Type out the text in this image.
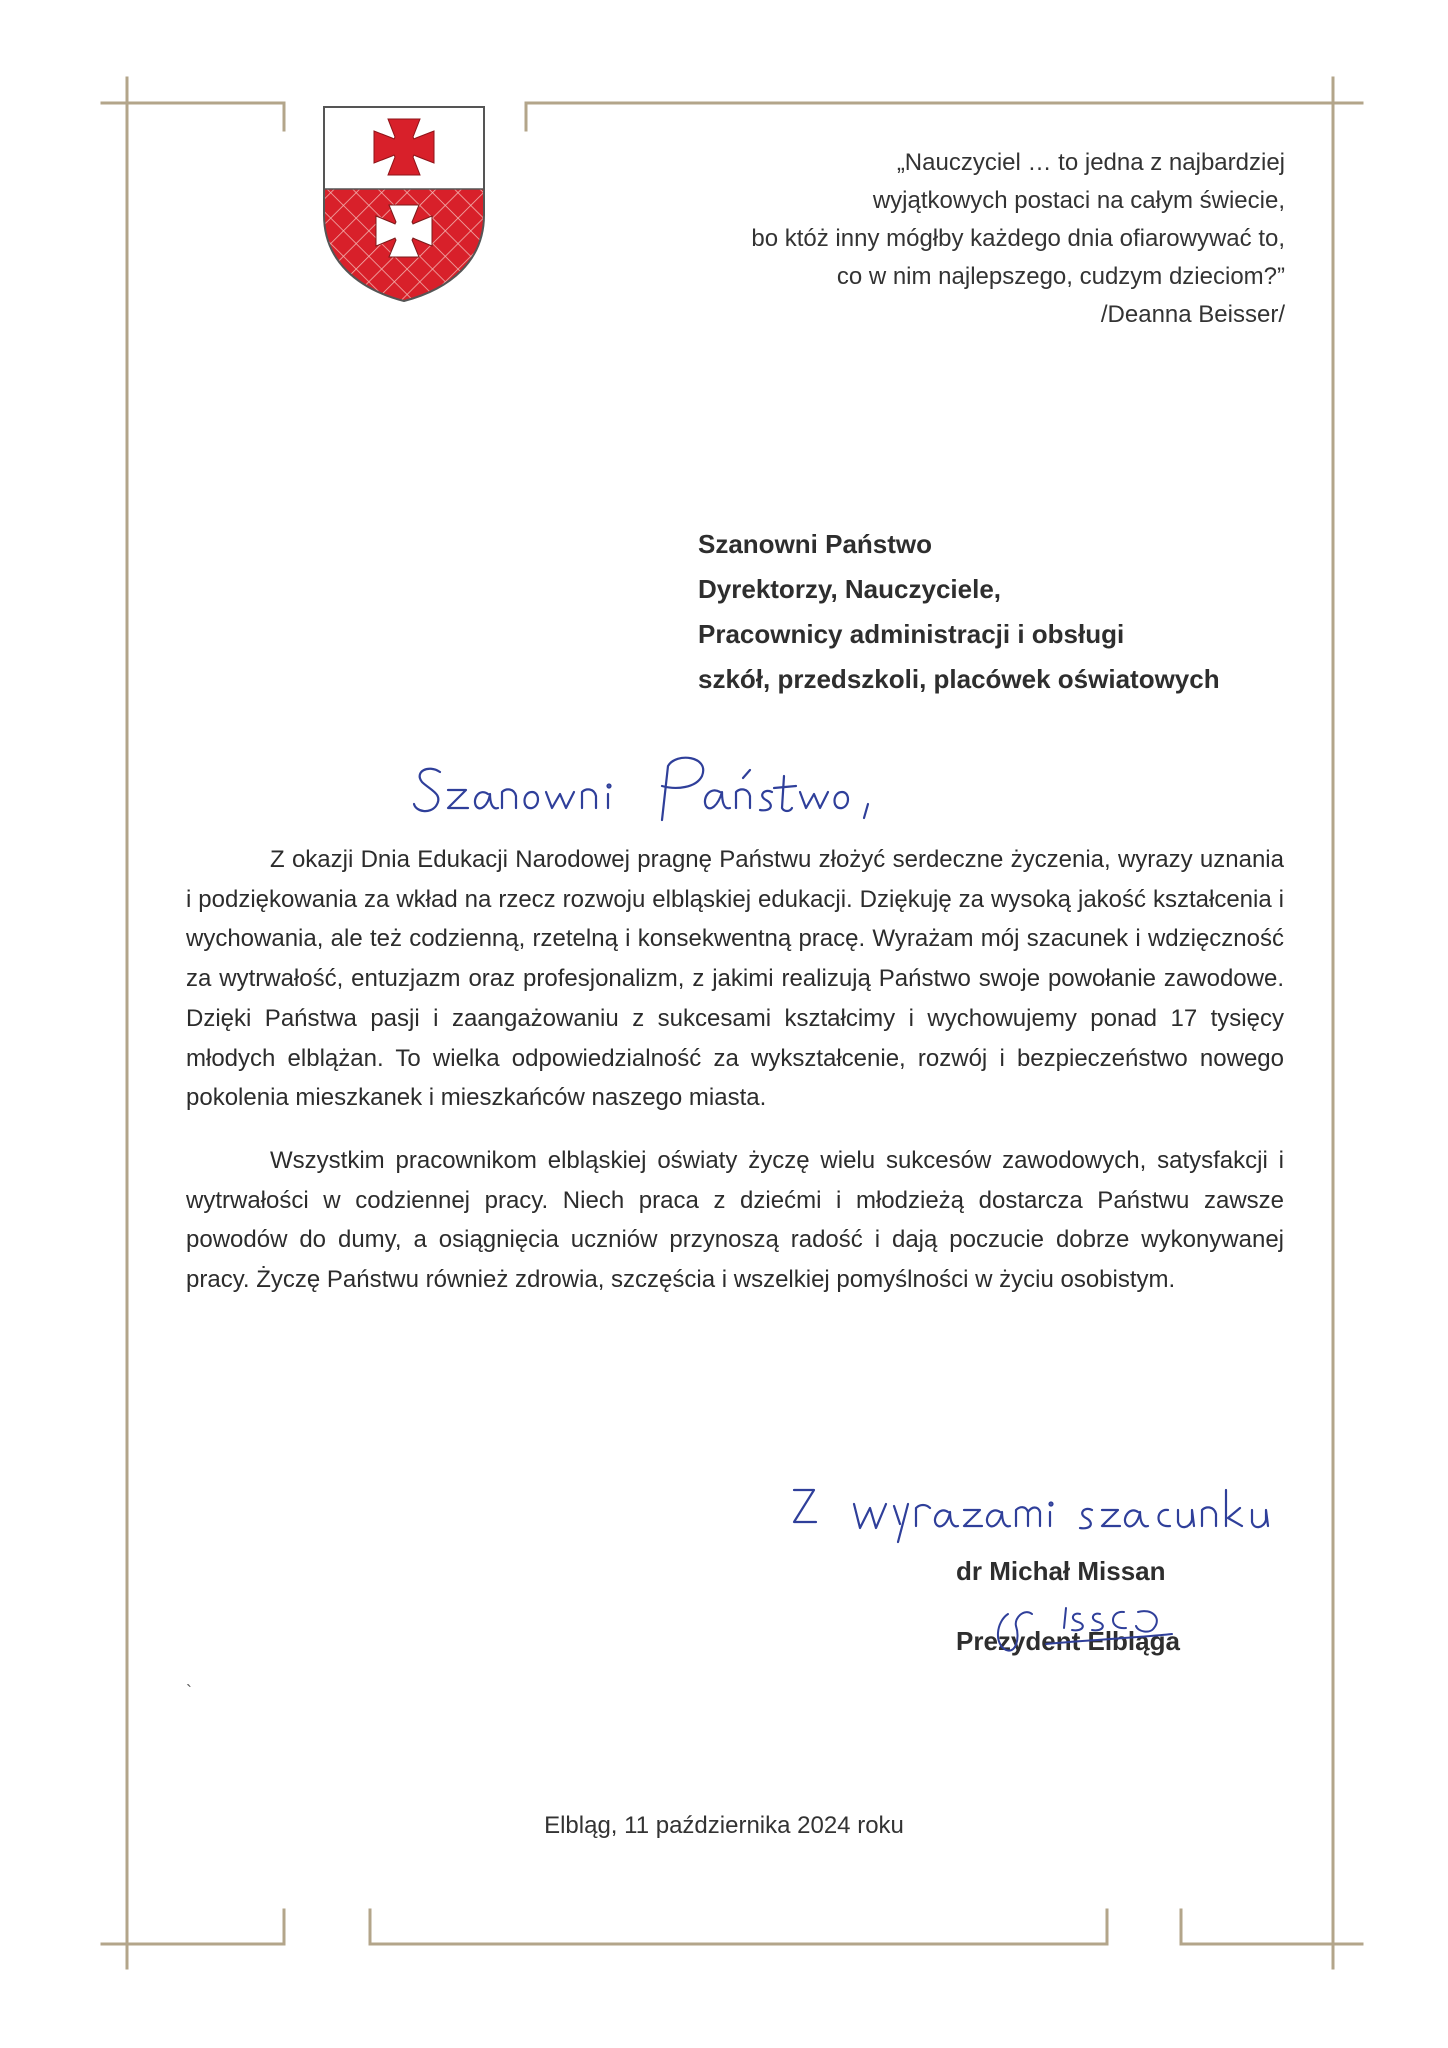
„Nauczyciel … to jedna z najbardziej

wyjątkowych postaci na całym świecie,

bo któż inny mógłby każdego dnia ofiarowywać to,

co w nim najlepszego, cudzym dzieciom?”

/Deanna Beisser/

Szanowni Państwo
Dyrektorzy, Nauczyciele,
Pracownicy administracji i obsługi
szkół, przedszkoli, placówek oświatowych

Z okazji Dnia Edukacji Narodowej pragnę Państwu złożyć serdeczne życzenia, wyrazy uznania i podziękowania za wkład na rzecz rozwoju elbląskiej edukacji. Dziękuję za wysoką jakość kształcenia i wychowania, ale też codzienną, rzetelną i konsekwentną pracę. Wyrażam mój szacunek i wdzięczność za wytrwałość, entuzjazm oraz profesjonalizm, z jakimi realizują Państwo swoje powołanie zawodowe. Dzięki Państwa pasji i zaangażowaniu z sukcesami kształcimy i wychowujemy ponad 17 tysięcy młodych elblążan. To wielka odpowiedzialność za wykształcenie, rozwój i bezpieczeństwo nowego pokolenia mieszkanek i mieszkańców naszego miasta.

Wszystkim pracownikom elbląskiej oświaty życzę wielu sukcesów zawodowych, satysfakcji i wytrwałości w codziennej pracy. Niech praca z dziećmi i młodzieżą dostarcza Państwu zawsze powodów do dumy, a osiągnięcia uczniów przynoszą radość i dają poczucie dobrze wykonywanej pracy. Życzę Państwu również zdrowia, szczęścia i wszelkiej pomyślności w życiu osobistym.

dr Michał Missan
Prezydent Elbląga
`
Elbląg, 11 października 2024 roku
